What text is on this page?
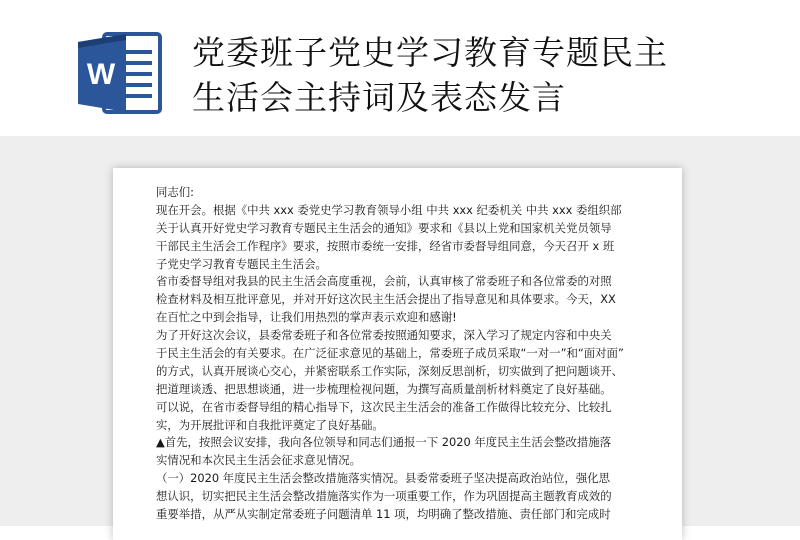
W
党委班子党史学习教育专题民主
生活会主持词及表态发言
同志们:
现在开会。根据《中共 xxx 委党史学习教育领导小组 中共 xxx 纪委机关 中共 xxx 委组织部
关于认真开好党史学习教育专题民主生活会的通知》要求和《县以上党和国家机关党员领导
干部民主生活会工作程序》要求，按照市委统一安排，经省市委督导组同意，今天召开 x 班
子党史学习教育专题民主生活会。
省市委督导组对我县的民主生活会高度重视，会前，认真审核了常委班子和各位常委的对照
检查材料及相互批评意见，并对开好这次民主生活会提出了指导意见和具体要求。今天，XX
在百忙之中到会指导，让我们用热烈的掌声表示欢迎和感谢!
为了开好这次会议，县委常委班子和各位常委按照通知要求，深入学习了规定内容和中央关
于民主生活会的有关要求。在广泛征求意见的基础上，常委班子成员采取“一对一”和“面对面”
的方式，认真开展谈心交心，并紧密联系工作实际，深刻反思剖析，切实做到了把问题谈开、
把道理谈透、把思想谈通，进一步梳理检视问题，为撰写高质量剖析材料奠定了良好基础。
可以说，在省市委督导组的精心指导下，这次民主生活会的准备工作做得比较充分、比较扎
实，为开展批评和自我批评奠定了良好基础。
▲首先，按照会议安排，我向各位领导和同志们通报一下 2020 年度民主生活会整改措施落
实情况和本次民主生活会征求意见情况。
（一）2020 年度民主生活会整改措施落实情况。县委常委班子坚决提高政治站位，强化思
想认识，切实把民主生活会整改措施落实作为一项重要工作，作为巩固提高主题教育成效的
重要举措，从严从实制定常委班子问题清单 11 项，均明确了整改措施、责任部门和完成时
